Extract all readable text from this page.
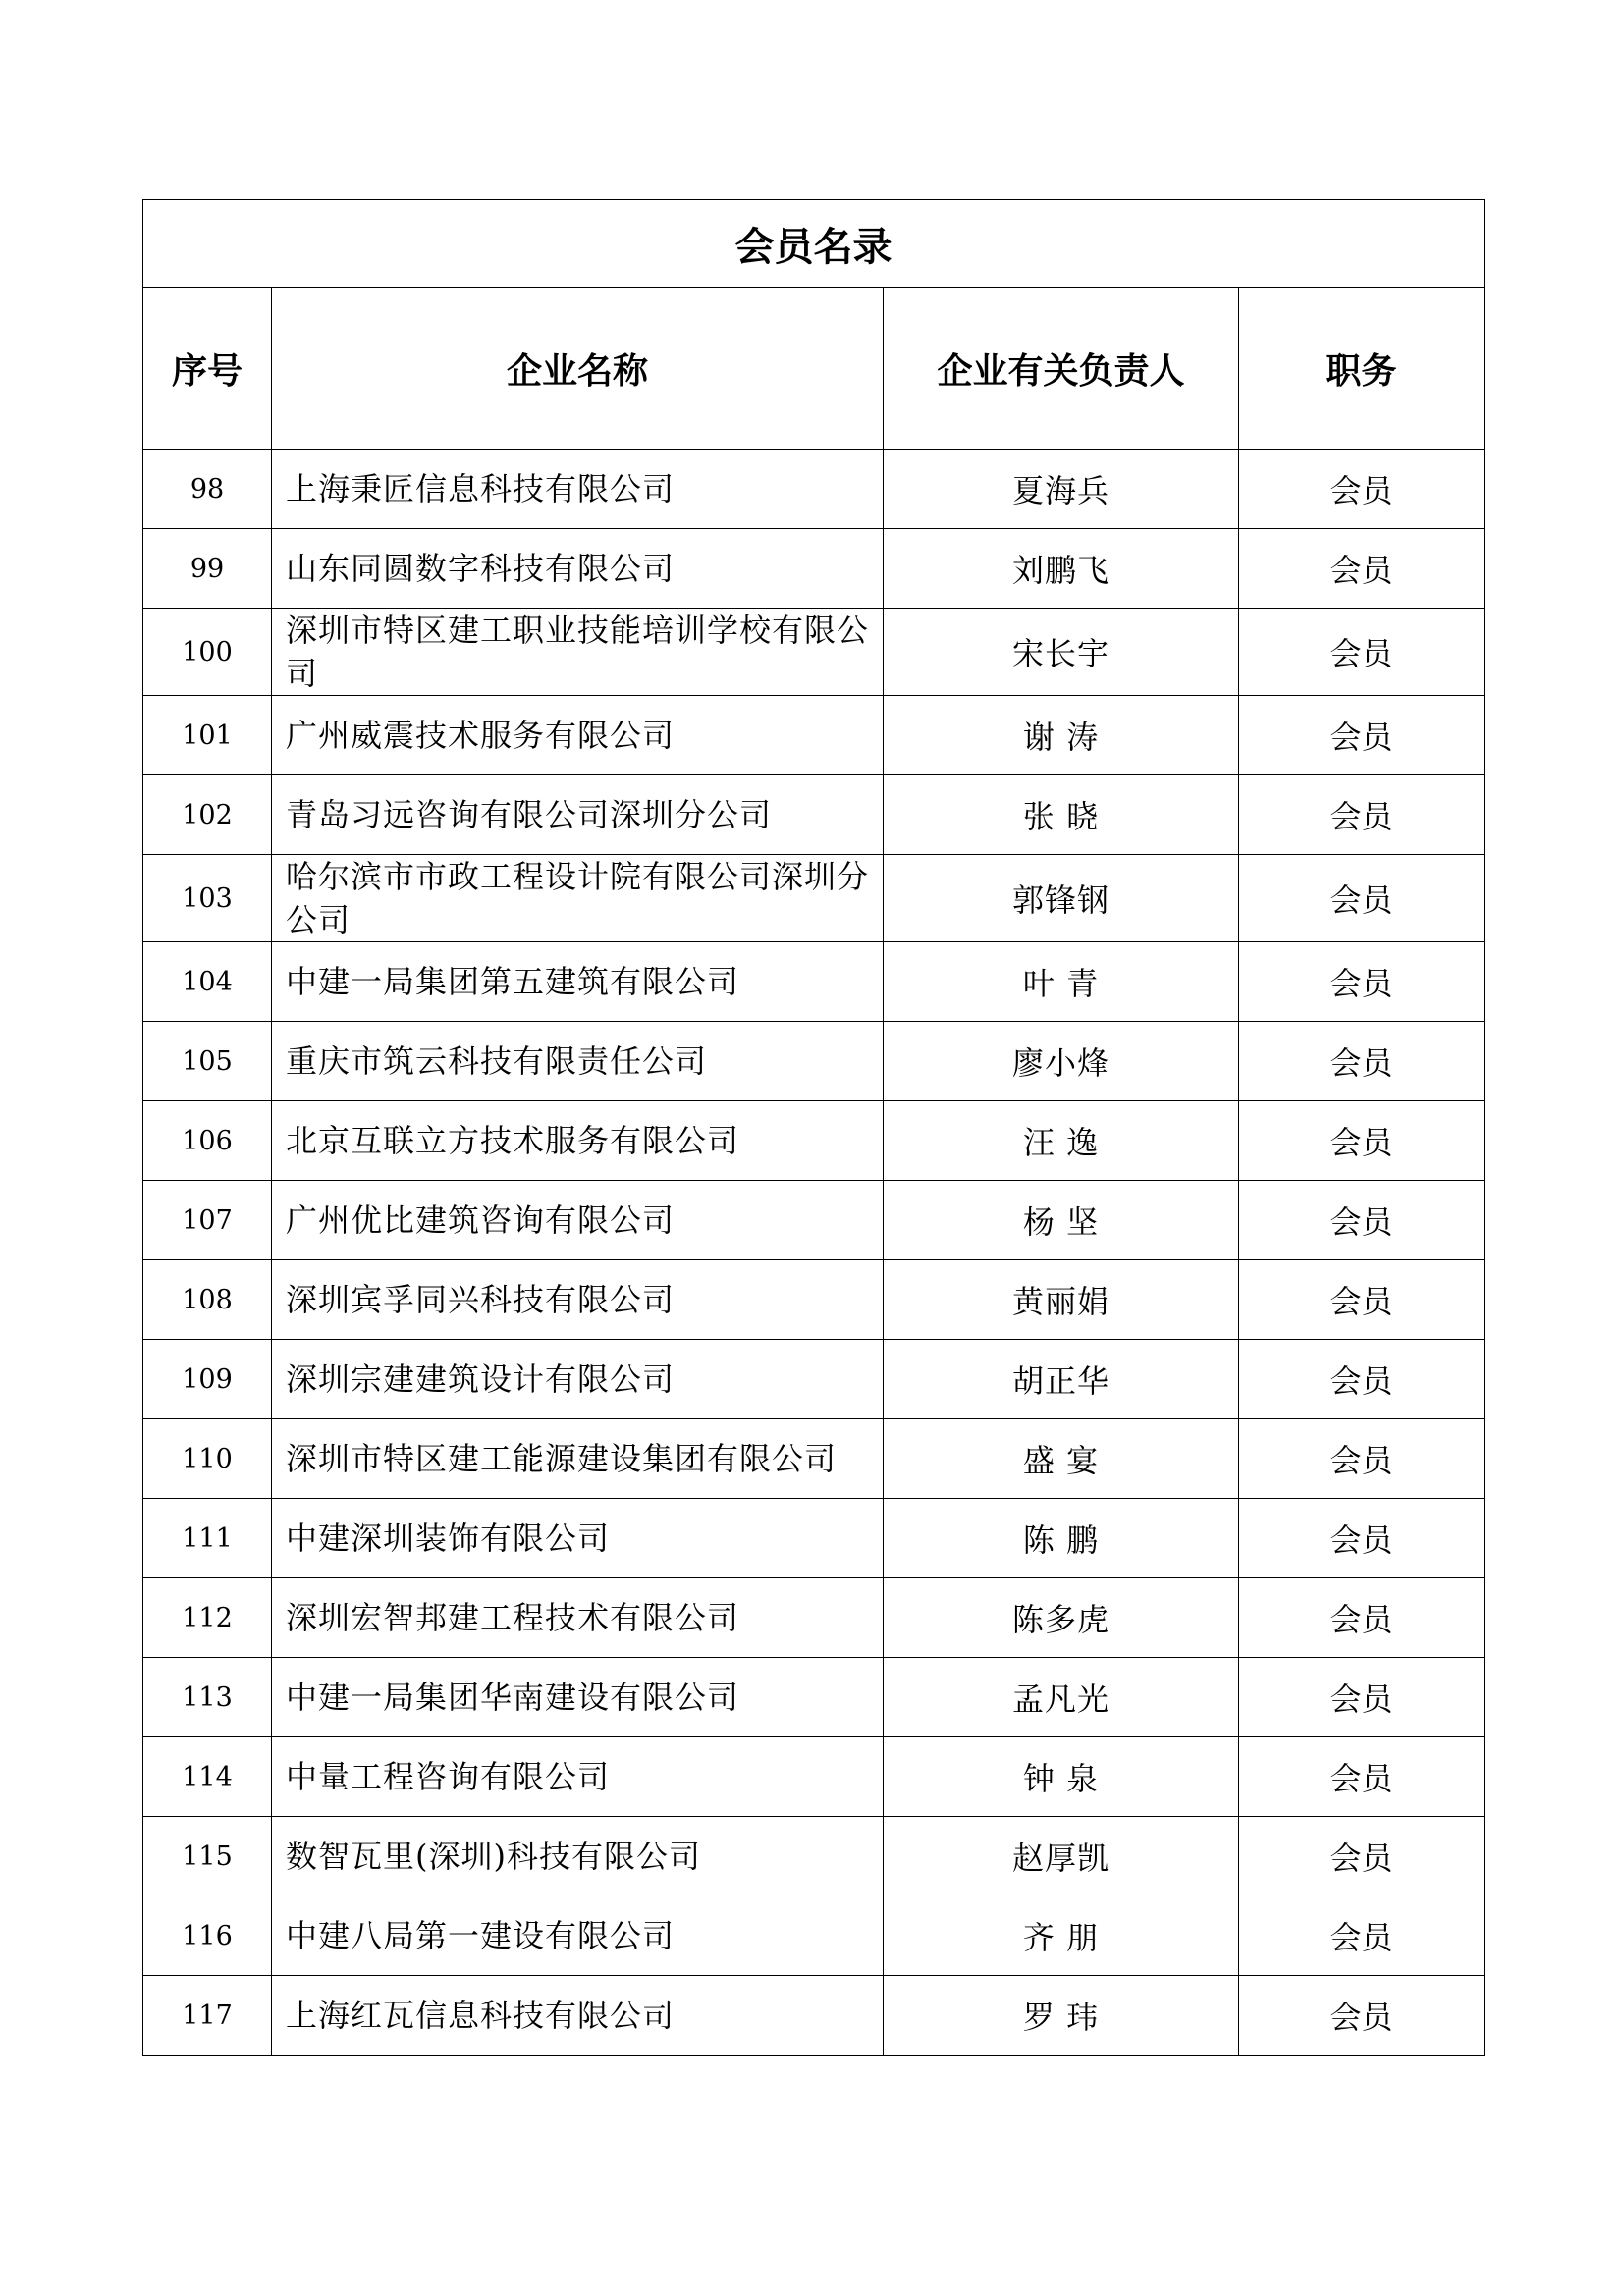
会员名录			
序号	企业名称	企业有关负责人	职务
98	上海秉匠信息科技有限公司	夏海兵	会员
99	山东同圆数字科技有限公司	刘鹏飞	会员
100	深圳市特区建工职业技能培训学校有限公司	宋长宇	会员
101	广州威震技术服务有限公司	谢 涛	会员
102	青岛习远咨询有限公司深圳分公司	张 晓	会员
103	哈尔滨市市政工程设计院有限公司深圳分公司	郭锋钢	会员
104	中建一局集团第五建筑有限公司	叶 青	会员
105	重庆市筑云科技有限责任公司	廖小烽	会员
106	北京互联立方技术服务有限公司	汪 逸	会员
107	广州优比建筑咨询有限公司	杨 坚	会员
108	深圳宾孚同兴科技有限公司	黄丽娟	会员
109	深圳宗建建筑设计有限公司	胡正华	会员
110	深圳市特区建工能源建设集团有限公司	盛 宴	会员
111	中建深圳装饰有限公司	陈 鹏	会员
112	深圳宏智邦建工程技术有限公司	陈多虎	会员
113	中建一局集团华南建设有限公司	孟凡光	会员
114	中量工程咨询有限公司	钟 泉	会员
115	数智瓦里(深圳)科技有限公司	赵厚凯	会员
116	中建八局第一建设有限公司	齐 朋	会员
117	上海红瓦信息科技有限公司	罗 玮	会员
